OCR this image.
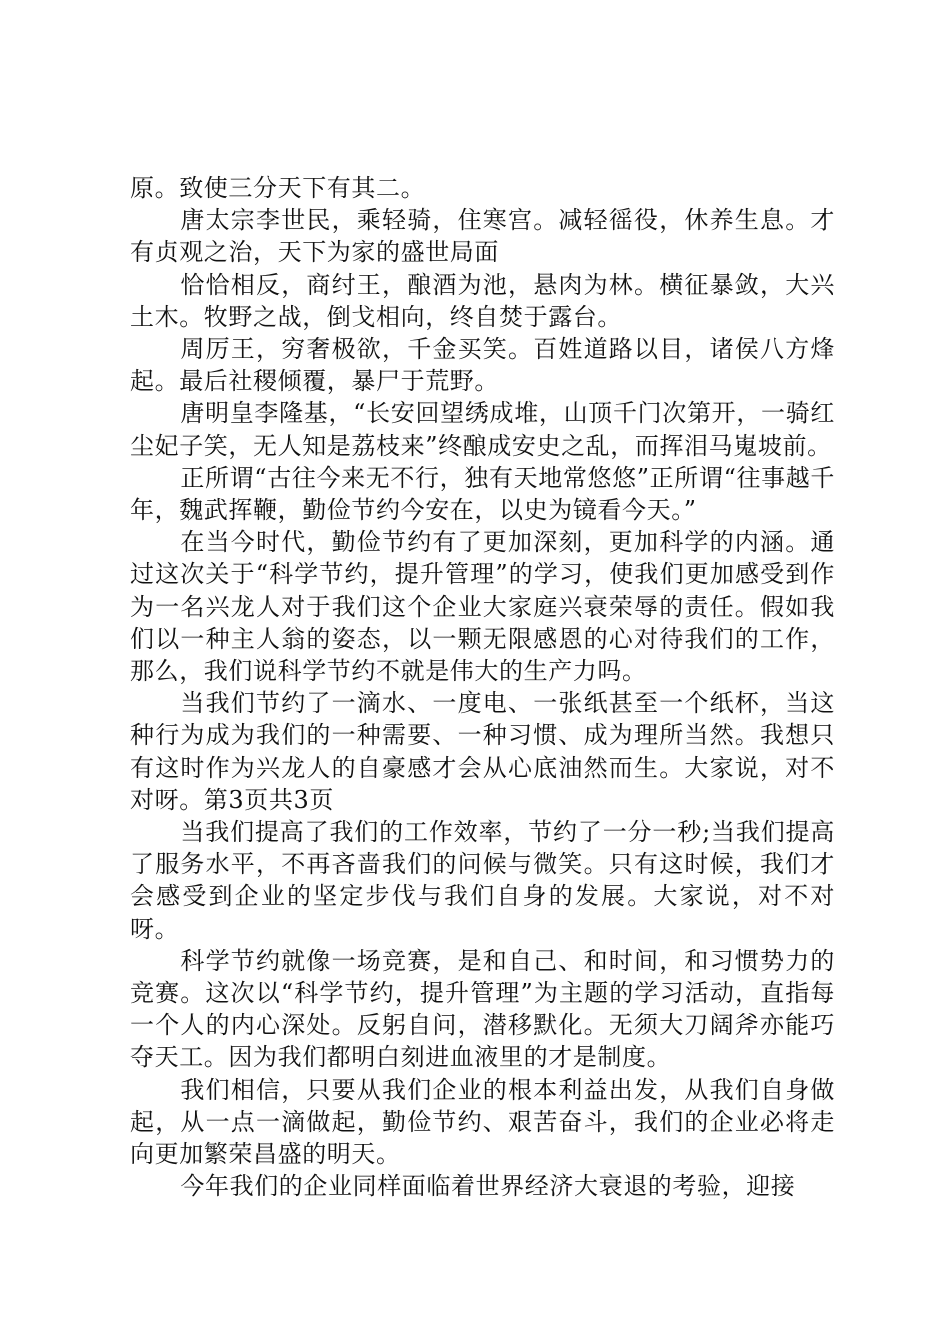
原。致使三分天下有其二。

唐太宗李世民，乘轻骑，住寒宫。减轻徭役，休养生息。才有贞观之治，天下为家的盛世局面

恰恰相反，商纣王，酿酒为池，悬肉为林。横征暴敛，大兴土木。牧野之战，倒戈相向，终自焚于露台。

周厉王，穷奢极欲，千金买笑。百姓道路以目，诸侯八方烽起。最后社稷倾覆，暴尸于荒野。

唐明皇李隆基，“长安回望绣成堆，山顶千门次第开，一骑红尘妃子笑，无人知是荔枝来”终酿成安史之乱，而挥泪马嵬坡前。

正所谓“古往今来无不行，独有天地常悠悠”正所谓“往事越千年，魏武挥鞭，勤俭节约今安在，以史为镜看今天。”

在当今时代，勤俭节约有了更加深刻，更加科学的内涵。通过这次关于“科学节约，提升管理”的学习，使我们更加感受到作为一名兴龙人对于我们这个企业大家庭兴衰荣辱的责任。假如我们以一种主人翁的姿态，以一颗无限感恩的心对待我们的工作，那么，我们说科学节约不就是伟大的生产力吗。

当我们节约了一滴水、一度电、一张纸甚至一个纸杯，当这种行为成为我们的一种需要、一种习惯、成为理所当然。我想只有这时作为兴龙人的自豪感才会从心底油然而生。大家说，对不对呀。第3页共3页

当我们提高了我们的工作效率，节约了一分一秒;当我们提高了服务水平，不再吝啬我们的问候与微笑。只有这时候，我们才会感受到企业的坚定步伐与我们自身的发展。大家说，对不对呀。

科学节约就像一场竞赛，是和自己、和时间，和习惯势力的竞赛。这次以“科学节约，提升管理”为主题的学习活动，直指每一个人的内心深处。反躬自问，潜移默化。无须大刀阔斧亦能巧夺天工。因为我们都明白刻进血液里的才是制度。

我们相信，只要从我们企业的根本利益出发，从我们自身做起，从一点一滴做起，勤俭节约、艰苦奋斗，我们的企业必将走向更加繁荣昌盛的明天。

今年我们的企业同样面临着世界经济大衰退的考验，迎接
